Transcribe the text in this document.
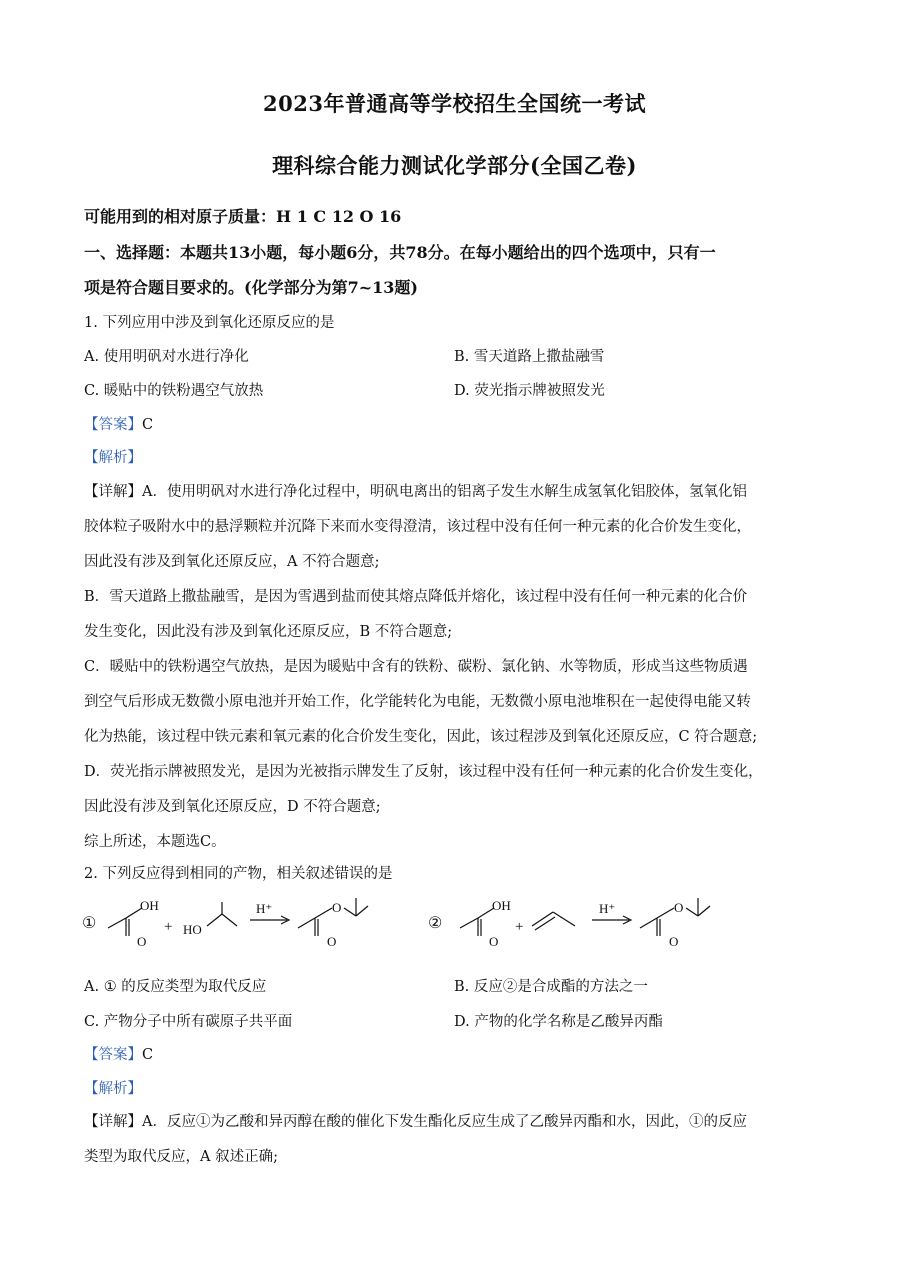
2023年普通高等学校招生全国统一考试
理科综合能力测试化学部分(全国乙卷)
可能用到的相对原子质量：H 1 C 12 O 16
一、选择题：本题共13小题，每小题6分，共78分。在每小题给出的四个选项中，只有一
项是符合题目要求的。(化学部分为第7~13题)
1. 下列应用中涉及到氧化还原反应的是
A. 使用明矾对水进行净化	B. 雪天道路上撒盐融雪
C. 暖贴中的铁粉遇空气放热	D. 荧光指示牌被照发光
【答案】C
【解析】
【详解】A．使用明矾对水进行净化过程中，明矾电离出的铝离子发生水解生成氢氧化铝胶体，氢氧化铝
胶体粒子吸附水中的悬浮颗粒并沉降下来而水变得澄清，该过程中没有任何一种元素的化合价发生变化，
因此没有涉及到氧化还原反应，A 不符合题意;
B．雪天道路上撒盐融雪，是因为雪遇到盐而使其熔点降低并熔化，该过程中没有任何一种元素的化合价
发生变化，因此没有涉及到氧化还原反应，B 不符合题意;
C．暖贴中的铁粉遇空气放热，是因为暖贴中含有的铁粉、碳粉、氯化钠、水等物质，形成当这些物质遇
到空气后形成无数微小原电池并开始工作，化学能转化为电能，无数微小原电池堆积在一起使得电能又转
化为热能，该过程中铁元素和氧元素的化合价发生变化，因此，该过程涉及到氧化还原反应，C 符合题意;
D．荧光指示牌被照发光，是因为光被指示牌发生了反射，该过程中没有任何一种元素的化合价发生变化，
因此没有涉及到氧化还原反应，D 不符合题意;
综上所述，本题选C。
2. 下列反应得到相同的产物，相关叙述错误的是
①
OH
O
+ HO
H⁺	O
O
②
OH
O
+
H⁺	O
O
A. ① 的反应类型为取代反应	B. 反应②是合成酯的方法之一
C. 产物分子中所有碳原子共平面	D. 产物的化学名称是乙酸异丙酯
【答案】C
【解析】
【详解】A．反应①为乙酸和异丙醇在酸的催化下发生酯化反应生成了乙酸异丙酯和水，因此，①的反应
类型为取代反应，A 叙述正确;
